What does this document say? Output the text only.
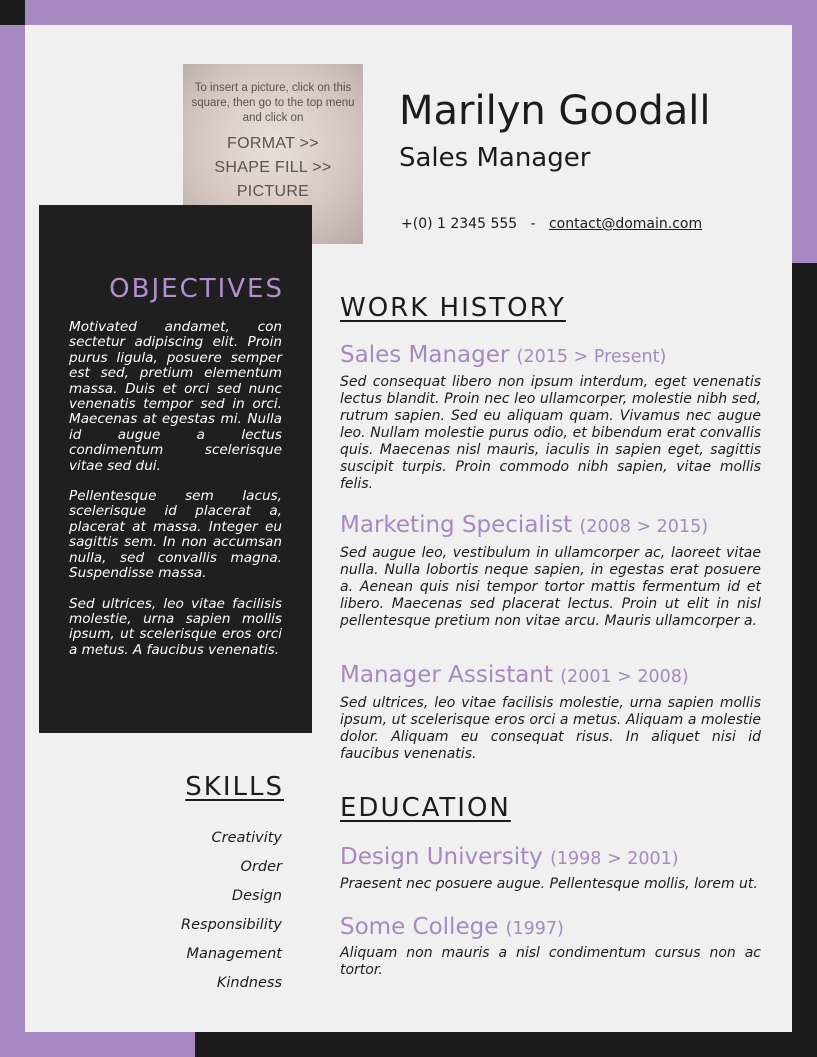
To insert a picture, click on this square, then go to the top menu and click on
FORMAT >>
SHAPE FILL >>
PICTURE
Marilyn Goodall
Sales Manager
+(0) 1 2345 555 - contact@domain.com
OBJECTIVES

Motivated andamet, con sectetur adipiscing elit. Proin purus ligula, posuere semper est sed, pretium elementum massa. Duis et orci sed nunc venenatis tempor sed in orci. Maecenas at egestas mi. Nulla id augue a lectus condimentum scelerisque vitae sed dui.

Pellentesque sem lacus, scelerisque id placerat a, placerat at massa. Integer eu sagittis sem. In non accumsan nulla, sed convallis magna. Suspendisse massa.

Sed ultrices, leo vitae facilisis molestie, urna sapien mollis ipsum, ut scelerisque eros orci a metus. A faucibus venenatis.

SKILLS
Creativity
Order
Design
Responsibility
Management
Kindness
WORK HISTORY
Sales Manager (2015 > Present)

Sed consequat libero non ipsum interdum, eget venenatis lectus blandit. Proin nec leo ullamcorper, molestie nibh sed, rutrum sapien. Sed eu aliquam quam. Vivamus nec augue leo. Nullam molestie purus odio, et bibendum erat convallis quis. Maecenas nisl mauris, iaculis in sapien eget, sagittis suscipit turpis. Proin commodo nibh sapien, vitae mollis felis.

Marketing Specialist (2008 > 2015)

Sed augue leo, vestibulum in ullamcorper ac, laoreet vitae nulla. Nulla lobortis neque sapien, in egestas erat posuere a. Aenean quis nisi tempor tortor mattis fermentum id et libero. Maecenas sed placerat lectus. Proin ut elit in nisl pellentesque pretium non vitae arcu. Mauris ullamcorper a.

Manager Assistant (2001 > 2008)

Sed ultrices, leo vitae facilisis molestie, urna sapien mollis ipsum, ut scelerisque eros orci a metus. Aliquam a molestie dolor. Aliquam eu consequat risus. In aliquet nisi id faucibus venenatis.

EDUCATION
Design University (1998 > 2001)

Praesent nec posuere augue. Pellentesque mollis, lorem ut.

Some College (1997)

Aliquam non mauris a nisl condimentum cursus non ac tortor.
